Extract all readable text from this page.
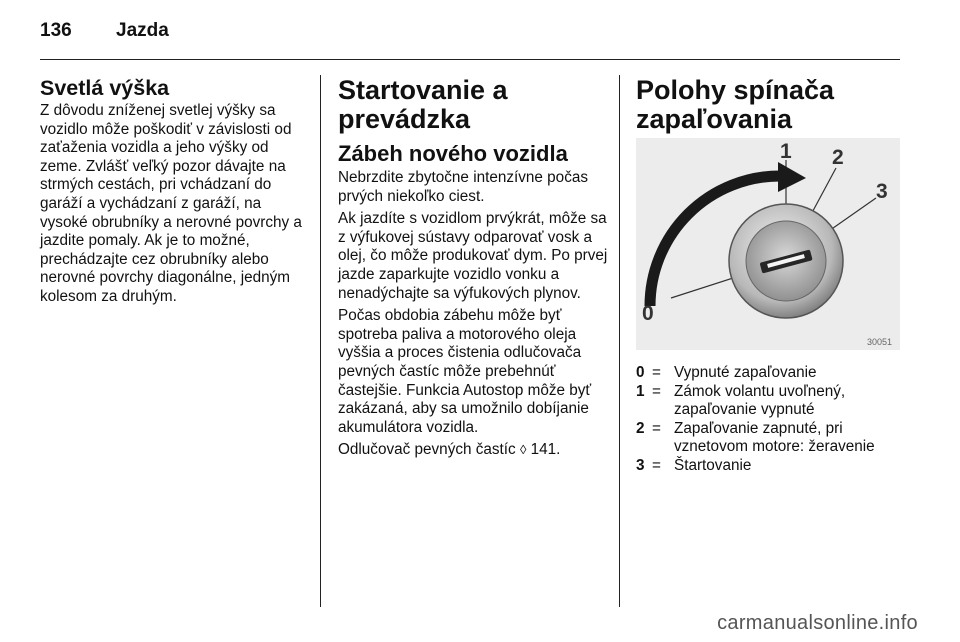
136 Jazda
Svetlá výška

Z dôvodu zníženej svetlej výšky sa vozidlo môže poškodiť v závislosti od zaťaženia vozidla a jeho výšky od zeme. Zvlášť veľký pozor dávajte na strmých cestách, pri vchádzaní do garáží a vychádzaní z garáží, na vysoké obrubníky a nerovné povrchy a jazdite pomaly. Ak je to možné, prechádzajte cez obrubníky alebo nerovné povrchy diagonálne, jedným kolesom za druhým.

Startovanie a prevádzka
Zábeh nového vozidla

Nebrzdite zbytočne intenzívne počas prvých niekoľko ciest.

Ak jazdíte s vozidlom prvýkrát, môže sa z výfukovej sústavy odparovať vosk a olej, čo môže produkovať dym. Po prvej jazde zaparkujte vozidlo vonku a nenadýchajte sa výfukových plynov.

Počas obdobia zábehu môže byť spotreba paliva a motorového oleja vyššia a proces čistenia odlučovača pevných častíc môže prebehnúť častejšie. Funkcia Autostop môže byť zakázaná, aby sa umožnilo dobíjanie akumulátora vozidla.

Odlučovač pevných častíc ◊ 141.

Polohy spínača zapaľovania
1 2
3
0
30051
0 = Vypnuté zapaľovanie
1 = Zámok volantu uvoľnený, zapaľovanie vypnuté
2 = Zapaľovanie zapnuté, pri vznetovom motore: žeravenie
3 = Štartovanie
carmanualsonline.info
